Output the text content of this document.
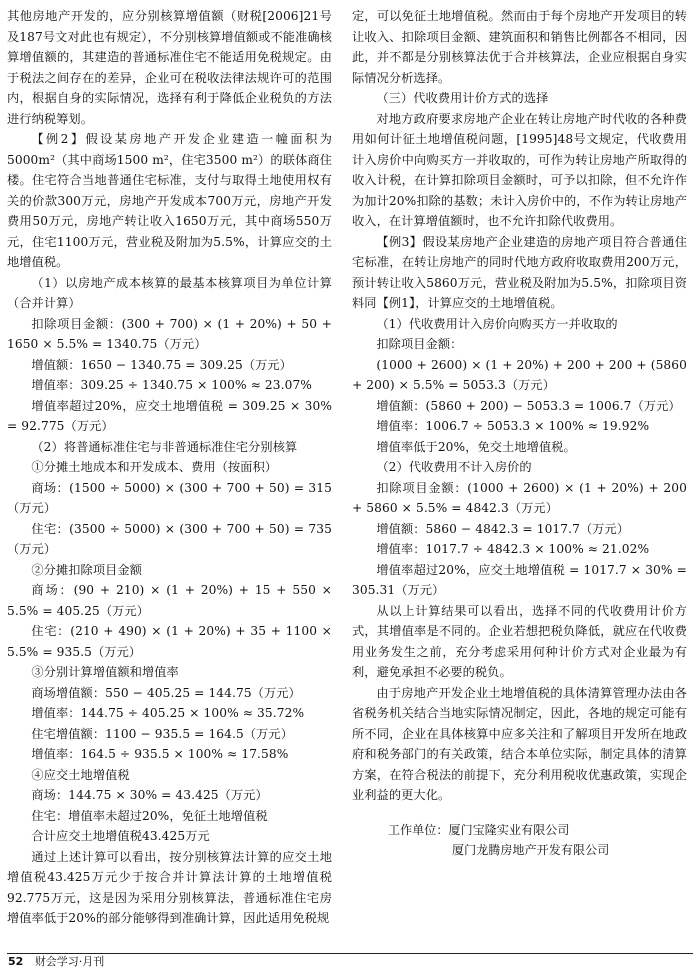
其他房地产开发的，应分别核算增值额（财税[2006]21号及187号文对此也有规定），不分别核算增值额或不能准确核算增值额的，其建造的普通标准住宅不能适用免税规定。由于税法之间存在的差异，企业可在税收法律法规许可的范围内，根据自身的实际情况，选择有利于降低企业税负的方法进行纳税筹划。

【例2】假设某房地产开发企业建造一幢面积为5000m²（其中商场1500 m²，住宅3500 m²）的联体商住楼。住宅符合当地普通住宅标准，支付与取得土地使用权有关的价款300万元，房地产开发成本700万元，房地产开发费用50万元，房地产转让收入1650万元，其中商场550万元，住宅1100万元，营业税及附加为5.5%，计算应交的土地增值税。

（1）以房地产成本核算的最基本核算项目为单位计算（合并计算）

扣除项目金额：(300 + 700) × (1 + 20%) + 50 + 1650 × 5.5% = 1340.75（万元）

增值额：1650 − 1340.75 = 309.25（万元）

增值率：309.25 ÷ 1340.75 × 100% ≈ 23.07%

增值率超过20%，应交土地增值税 = 309.25 × 30% = 92.775（万元）

（2）将普通标准住宅与非普通标准住宅分别核算

①分摊土地成本和开发成本、费用（按面积）

商场：(1500 ÷ 5000) × (300 + 700 + 50) = 315（万元）

住宅：(3500 ÷ 5000) × (300 + 700 + 50) = 735（万元）

②分摊扣除项目金额

商场：(90 + 210) × (1 + 20%) + 15 + 550 × 5.5% = 405.25（万元）

住宅：(210 + 490) × (1 + 20%) + 35 + 1100 × 5.5% = 935.5（万元）

③分别计算增值额和增值率

商场增值额：550 − 405.25 = 144.75（万元）

增值率：144.75 ÷ 405.25 × 100% ≈ 35.72%

住宅增值额：1100 − 935.5 = 164.5（万元）

增值率：164.5 ÷ 935.5 × 100% ≈ 17.58%

④应交土地增值税

商场：144.75 × 30% = 43.425（万元）

住宅：增值率未超过20%，免征土地增值税

合计应交土地增值税43.425万元

通过上述计算可以看出，按分别核算法计算的应交土地增值税43.425万元少于按合并计算法计算的土地增值税92.775万元，这是因为采用分别核算法，普通标准住宅房增值率低于20%的部分能够得到准确计算，因此适用免税规

定，可以免征土地增值税。然而由于每个房地产开发项目的转让收入、扣除项目金额、建筑面积和销售比例都各不相同，因此，并不都是分别核算法优于合并核算法，企业应根据自身实际情况分析选择。

（三）代收费用计价方式的选择

对地方政府要求房地产企业在转让房地产时代收的各种费用如何计征土地增值税问题，[1995]48号文规定，代收费用计入房价中向购买方一并收取的，可作为转让房地产所取得的收入计税，在计算扣除项目金额时，可予以扣除，但不允许作为加计20%扣除的基数；未计入房价中的，不作为转让房地产收入，在计算增值额时，也不允许扣除代收费用。

【例3】假设某房地产企业建造的房地产项目符合普通住宅标准，在转让房地产的同时代地方政府收取费用200万元，预计转让收入5860万元，营业税及附加为5.5%，扣除项目资料同【例1】，计算应交的土地增值税。

（1）代收费用计入房价向购买方一并收取的

扣除项目金额：

(1000 + 2600) × (1 + 20%) + 200 + 200 + (5860 + 200) × 5.5% = 5053.3（万元）

增值额：(5860 + 200) − 5053.3 = 1006.7（万元）

增值率：1006.7 ÷ 5053.3 × 100% ≈ 19.92%

增值率低于20%，免交土地增值税。

（2）代收费用不计入房价的

扣除项目金额：(1000 + 2600) × (1 + 20%) + 200 + 5860 × 5.5% = 4842.3（万元）

增值额：5860 − 4842.3 = 1017.7（万元）

增值率：1017.7 ÷ 4842.3 × 100% ≈ 21.02%

增值率超过20%，应交土地增值税 = 1017.7 × 30% = 305.31（万元）

从以上计算结果可以看出，选择不同的代收费用计价方式，其增值率是不同的。企业若想把税负降低，就应在代收费用业务发生之前，充分考虑采用何种计价方式对企业最为有利，避免承担不必要的税负。

由于房地产开发企业土地增值税的具体清算管理办法由各省税务机关结合当地实际情况制定，因此，各地的规定可能有所不同，企业在具体核算中应多关注和了解项目开发所在地政府和税务部门的有关政策，结合本单位实际，制定具体的清算方案，在符合税法的前提下，充分利用税收优惠政策，实现企业利益的更大化。

工作单位：厦门宝隆实业有限公司
厦门龙腾房地产开发有限公司
52 财会学习·月刊
